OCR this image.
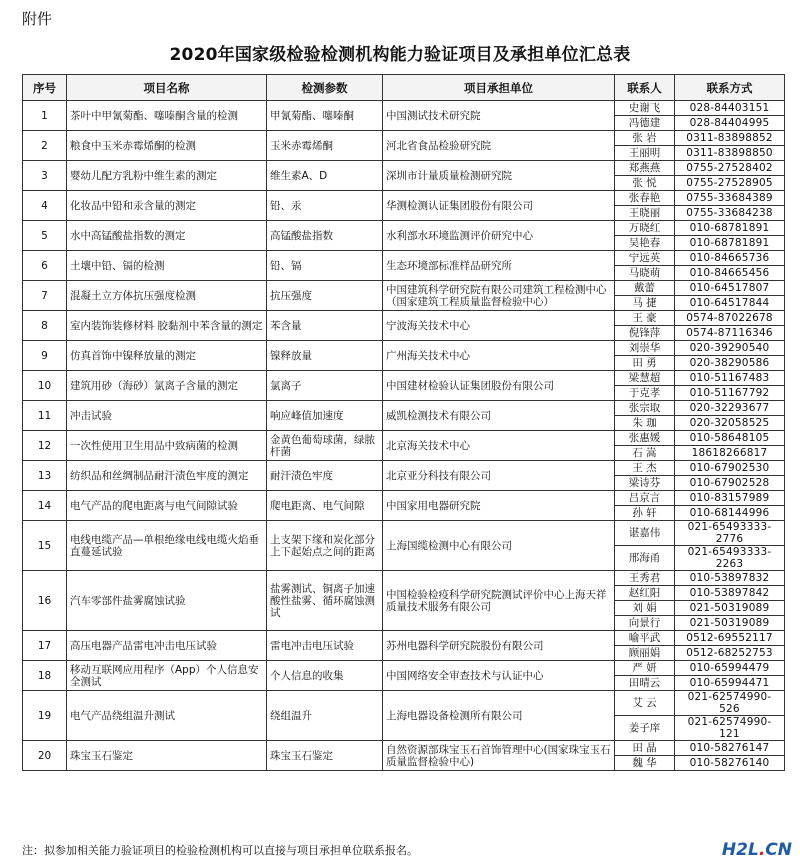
附件
2020年国家级检验检测机构能力验证项目及承担单位汇总表
序号	项目名称	检测参数	项目承担单位	联系人	联系方式
1	茶叶中甲氰菊酯、噻嗪酮含量的检测	甲氰菊酯、噻嗪酮	中国测试技术研究院	史谢飞	028-84403151
				冯德建	028-84404995
2	粮食中玉米赤霉烯酮的检测	玉米赤霉烯酮	河北省食品检验研究院	张 岩	0311-83898852
				王丽明	0311-83898850
3	婴幼儿配方乳粉中维生素的测定	维生素A、D	深圳市计量质量检测研究院	郑燕燕	0755-27528402
				张 悦	0755-27528905
4	化妆品中铅和汞含量的测定	铅、汞	华测检测认证集团股份有限公司	张春艳	0755-33684389
				王晓丽	0755-33684238
5	水中高锰酸盐指数的测定	高锰酸盐指数	水利部水环境监测评价研究中心	万晓红	010-68781891
				吴艳春	010-68781891
6	土壤中铅、镉的检测	铅、镉	生态环境部标准样品研究所	宁远英	010-84665736
				马晓萌	010-84665456
7	混凝土立方体抗压强度检测	抗压强度	中国建筑科学研究院有限公司建筑工程检测中心（国家建筑工程质量监督检验中心）	戴蕾	010-64517807
				马 捷	010-64517844
8	室内装饰装修材料 胶黏剂中苯含量的测定	苯含量	宁波海关技术中心	王 豪	0574-87022678
				倪锋萍	0574-87116346
9	仿真首饰中镍释放量的测定	镍释放量	广州海关技术中心	刘崇华	020-39290540
				田 勇	020-38290586
10	建筑用砂（海砂）氯离子含量的测定	氯离子	中国建材检验认证集团股份有限公司	梁慧超	010-51167483
				于克孝	010-51167792
11	冲击试验	响应峰值加速度	威凯检测技术有限公司	张宗取	020-32293677
				朱 珈	020-32058525
12	一次性使用卫生用品中致病菌的检测	金黄色葡萄球菌，绿脓杆菌	北京海关技术中心	张惠媛	010-58648105
				石 嵩	18618266817
13	纺织品和丝绸制品耐汗渍色牢度的测定	耐汗渍色牢度	北京亚分科技有限公司	王 杰	010-67902530
				梁诗芬	010-67902528
14	电气产品的爬电距离与电气间隙试验	爬电距离、电气间隙	中国家用电器研究院	吕京言	010-83157989
				孙 轩	010-68144996
15	电线电缆产品—单根绝缘电线电缆火焰垂直蔓延试验	上支架下缘和炭化部分上下起始点之间的距离	上海国缆检测中心有限公司	谌嘉伟	021-65493333-2776
				邢海甬	021-65493333-2263
16	汽车零部件盐雾腐蚀试验	盐雾测试、铜离子加速酸性盐雾、循环腐蚀测试	中国检验检疫科学研究院测试评价中心上海天祥质量技术服务有限公司	王秀君	010-53897832
				赵红阳	010-53897842
				刘 娟	021-50319089
				向景行	021-50319089
17	高压电器产品雷电冲击电压试验	雷电冲击电压试验	苏州电器科学研究院股份有限公司	喻平武	0512-69552117
				顾丽娟	0512-68252753
18	移动互联网应用程序（App）个人信息安全测试	个人信息的收集	中国网络安全审查技术与认证中心	严 妍	010-65994479
				田晴云	010-65994471
19	电气产品绕组温升测试	绕组温升	上海电器设备检测所有限公司	艾 云	021-62574990-526
				姜子庠	021-62574990-121
20	珠宝玉石鉴定	珠宝玉石鉴定	自然资源部珠宝玉石首饰管理中心(国家珠宝玉石质量监督检验中心)	田 晶	010-58276147
				魏 华	010-58276140
注：拟参加相关能力验证项目的检验检测机构可以直接与项目承担单位联系报名。	H2L.CN
